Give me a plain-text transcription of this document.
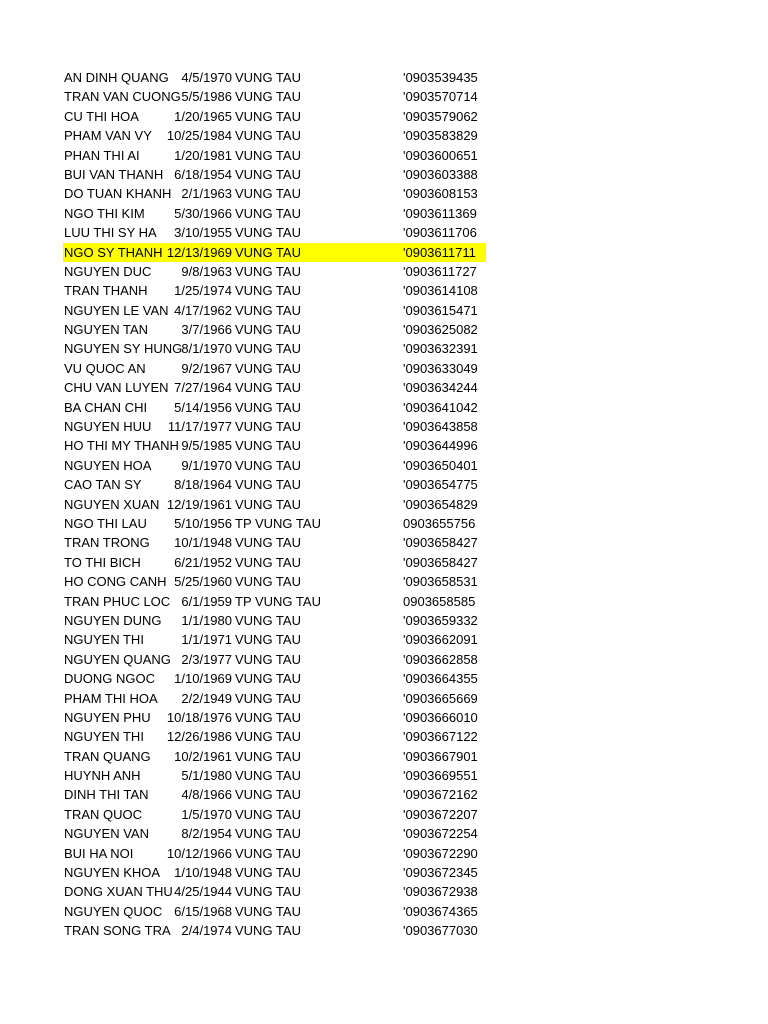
AN DINH QUANG 4/5/1970 VUNG TAU	'0903539435
TRAN VAN CUONG 5/5/1986 VUNG TAU	'0903570714
CU THI HOA	1/20/1965 VUNG TAU	'0903579062
PHAM VAN VY	10/25/1984 VUNG TAU	'0903583829
PHAN THI AI	1/20/1981 VUNG TAU	'0903600651
BUI VAN THANH 6/18/1954 VUNG TAU	'0903603388
DO TUAN KHANH 2/1/1963 VUNG TAU	'0903608153
NGO THI KIM	5/30/1966 VUNG TAU	'0903611369
LUU THI SY HA	3/10/1955 VUNG TAU	'0903611706
NGO SY THANH 12/13/1969 VUNG TAU	'0903611711
NGUYEN DUC	9/8/1963 VUNG TAU	'0903611727
TRAN THANH	1/25/1974 VUNG TAU	'0903614108
NGUYEN LE VAN 4/17/1962 VUNG TAU	'0903615471
NGUYEN TAN	3/7/1966 VUNG TAU	'0903625082
NGUYEN SY HUNG 8/1/1970 VUNG TAU	'0903632391
VU QUOC AN	9/2/1967 VUNG TAU	'0903633049
CHU VAN LUYEN 7/27/1964 VUNG TAU	'0903634244
BA CHAN CHI	5/14/1956 VUNG TAU	'0903641042
NGUYEN HUU	11/17/1977 VUNG TAU	'0903643858
HO THI MY THANH 9/5/1985 VUNG TAU	'0903644996
NGUYEN HOA	9/1/1970 VUNG TAU	'0903650401
CAO TAN SY	8/18/1964 VUNG TAU	'0903654775
NGUYEN XUAN 12/19/1961 VUNG TAU	'0903654829
NGO THI LAU	5/10/1956 TP VUNG TAU	0903655756
TRAN TRONG	10/1/1948 VUNG TAU	'0903658427
TO THI BICH	6/21/1952 VUNG TAU	'0903658427
HO CONG CANH 5/25/1960 VUNG TAU	'0903658531
TRAN PHUC LOC 6/1/1959 TP VUNG TAU	0903658585
NGUYEN DUNG	1/1/1980 VUNG TAU	'0903659332
NGUYEN THI	1/1/1971 VUNG TAU	'0903662091
NGUYEN QUANG 2/3/1977 VUNG TAU	'0903662858
DUONG NGOC	1/10/1969 VUNG TAU	'0903664355
PHAM THI HOA	2/2/1949 VUNG TAU	'0903665669
NGUYEN PHU	10/18/1976 VUNG TAU	'0903666010
NGUYEN THI	12/26/1986 VUNG TAU	'0903667122
TRAN QUANG	10/2/1961 VUNG TAU	'0903667901
HUYNH ANH	5/1/1980 VUNG TAU	'0903669551
DINH THI TAN	4/8/1966 VUNG TAU	'0903672162
TRAN QUOC	1/5/1970 VUNG TAU	'0903672207
NGUYEN VAN	8/2/1954 VUNG TAU	'0903672254
BUI HA NOI	10/12/1966 VUNG TAU	'0903672290
NGUYEN KHOA	1/10/1948 VUNG TAU	'0903672345
DONG XUAN THU 4/25/1944 VUNG TAU	'0903672938
NGUYEN QUOC 6/15/1968 VUNG TAU	'0903674365
TRAN SONG TRA 2/4/1974 VUNG TAU	'0903677030
